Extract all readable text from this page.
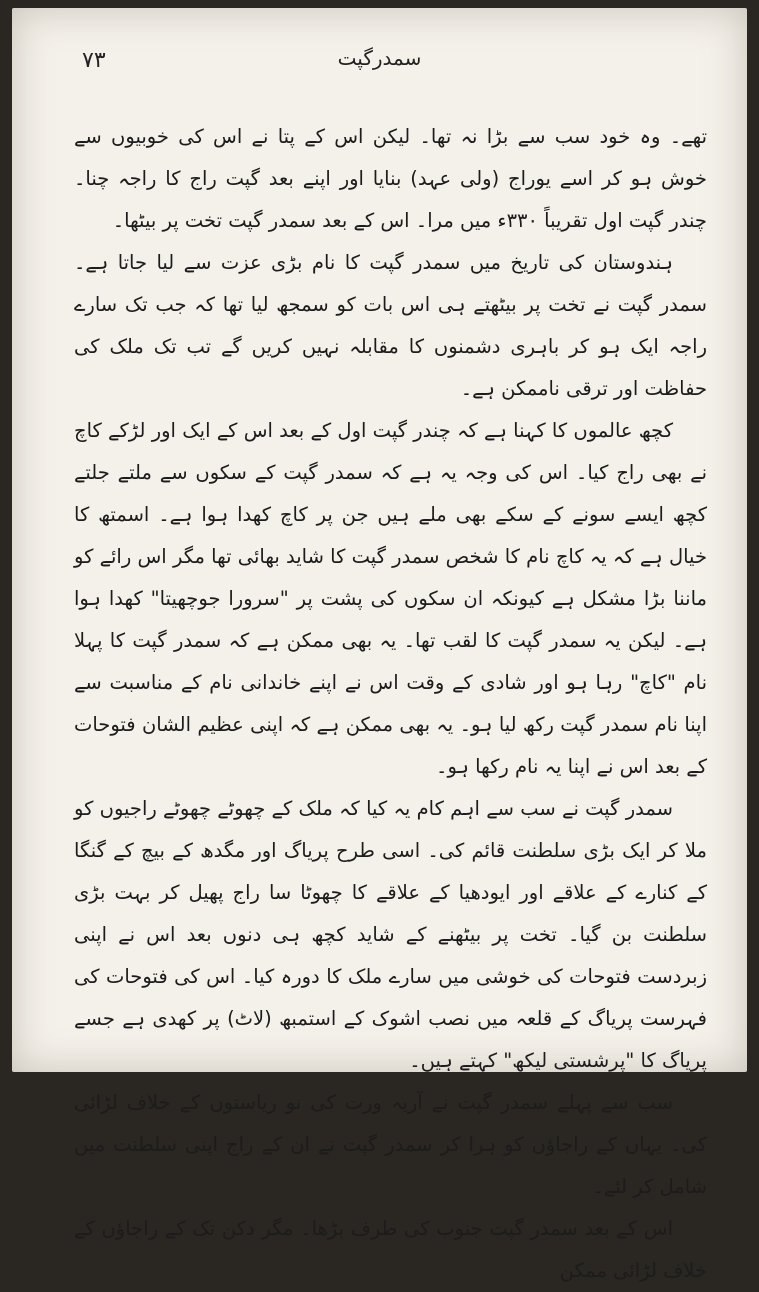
۷۳	سمدرگپت

تھے۔ وہ خود سب سے بڑا نہ تھا۔ لیکن اس کے پتا نے اس کی خوبیوں سے خوش ہو کر اسے یوراج (ولی عہد) بنایا اور اپنے بعد گپت راج کا راجہ چنا۔ چندر گپت اول تقریباً ۳۳۰ء میں مرا۔ اس کے بعد سمدر گپت تخت پر بیٹھا۔

ہندوستان کی تاریخ میں سمدر گپت کا نام بڑی عزت سے لیا جاتا ہے۔ سمدر گپت نے تخت پر بیٹھتے ہی اس بات کو سمجھ لیا تھا کہ جب تک سارے راجہ ایک ہو کر باہری دشمنوں کا مقابلہ نہیں کریں گے تب تک ملک کی حفاظت اور ترقی ناممکن ہے۔

کچھ عالموں کا کہنا ہے کہ چندر گپت اول کے بعد اس کے ایک اور لڑکے کاچ نے بھی راج کیا۔ اس کی وجہ یہ ہے کہ سمدر گپت کے سکوں سے ملتے جلتے کچھ ایسے سونے کے سکے بھی ملے ہیں جن پر کاچ کھدا ہوا ہے۔ اسمتھ کا خیال ہے کہ یہ کاچ نام کا شخص سمدر گپت کا شاید بھائی تھا مگر اس رائے کو ماننا بڑا مشکل ہے کیونکہ ان سکوں کی پشت پر "سرورا جوچھیتا" کھدا ہوا ہے۔ لیکن یہ سمدر گپت کا لقب تھا۔ یہ بھی ممکن ہے کہ سمدر گپت کا پہلا نام "کاچ" رہا ہو اور شادی کے وقت اس نے اپنے خاندانی نام کے مناسبت سے اپنا نام سمدر گپت رکھ لیا ہو۔ یہ بھی ممکن ہے کہ اپنی عظیم الشان فتوحات کے بعد اس نے اپنا یہ نام رکھا ہو۔

سمدر گپت نے سب سے اہم کام یہ کیا کہ ملک کے چھوٹے چھوٹے راجیوں کو ملا کر ایک بڑی سلطنت قائم کی۔ اسی طرح پریاگ اور مگدھ کے بیچ کے گنگا کے کنارے کے علاقے اور ایودھیا کے علاقے کا چھوٹا سا راج پھیل کر بہت بڑی سلطنت بن گیا۔ تخت پر بیٹھنے کے شاید کچھ ہی دنوں بعد اس نے اپنی زبردست فتوحات کی خوشی میں سارے ملک کا دورہ کیا۔ اس کی فتوحات کی فہرست پریاگ کے قلعہ میں نصب اشوک کے استمبھ (لاٹ) پر کھدی ہے جسے پریاگ کا "پرشستی لیکھ" کہتے ہیں۔

سب سے پہلے سمدر گپت نے آریہ ورت کی نو ریاستوں کے خلاف لڑائی کی۔ یہاں کے راجاؤں کو ہرا کر سمدر گپت نے ان کے راج اپنی سلطنت میں شامل کر لئے۔

اس کے بعد سمدر گپت جنوب کی طرف بڑھا۔ مگر دکن تک کے راجاؤں کے خلاف لڑائی ممکن
